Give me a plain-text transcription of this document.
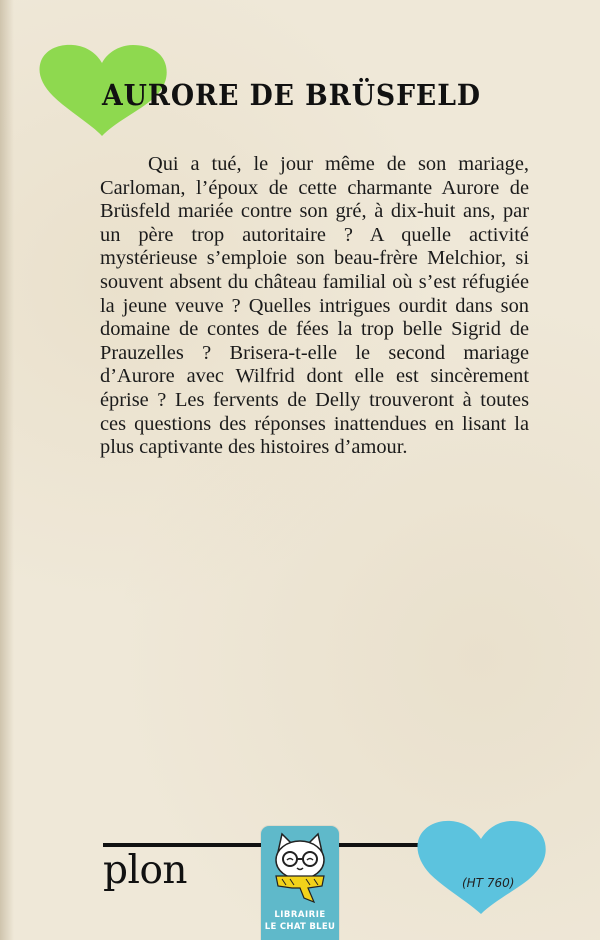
AURORE DE BRÜSFELD

Qui a tué, le jour même de son mariage, Carloman, l’époux de cette charmante Aurore de Brüsfeld mariée contre son gré, à dix-huit ans, par un père trop autoritaire ? A quelle activité mystérieuse s’emploie son beau-frère Melchior, si souvent absent du château familial où s’est réfugiée la jeune veuve ? Quelles intrigues ourdit dans son domaine de contes de fées la trop belle Sigrid de Prauzelles ? Brisera-t-elle le second mariage d’Aurore avec Wilfrid dont elle est sincèrement éprise ? Les fervents de Delly trouveront à toutes ces questions des réponses inattendues en lisant la plus captivante des histoires d’amour.

plon	(HT 760)

LIBRAIRIE

LE CHAT BLEU
